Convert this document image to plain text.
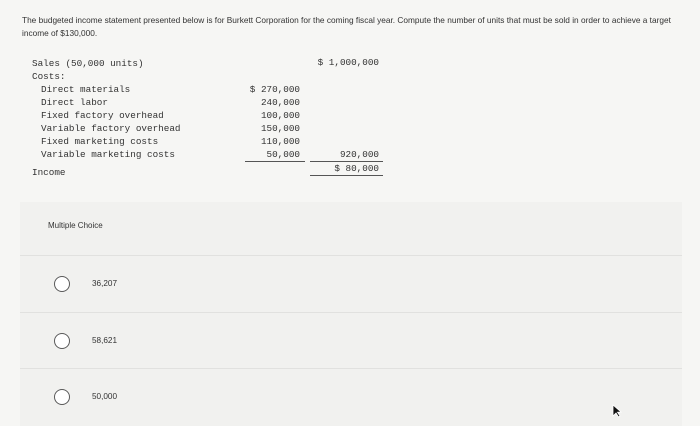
The budgeted income statement presented below is for Burkett Corporation for the coming fiscal year. Compute the number of units that must be sold in order to achieve a target income of $130,000.
Sales (50,000 units)
Costs:
Direct materials
Direct labor
Fixed factory overhead
Variable factory overhead
Fixed marketing costs
Variable marketing costs
Income
$ 270,000
240,000
100,000
150,000
110,000
50,000
$ 1,000,000
920,000
$ 80,000
Multiple Choice
36,207
58,621
50,000
